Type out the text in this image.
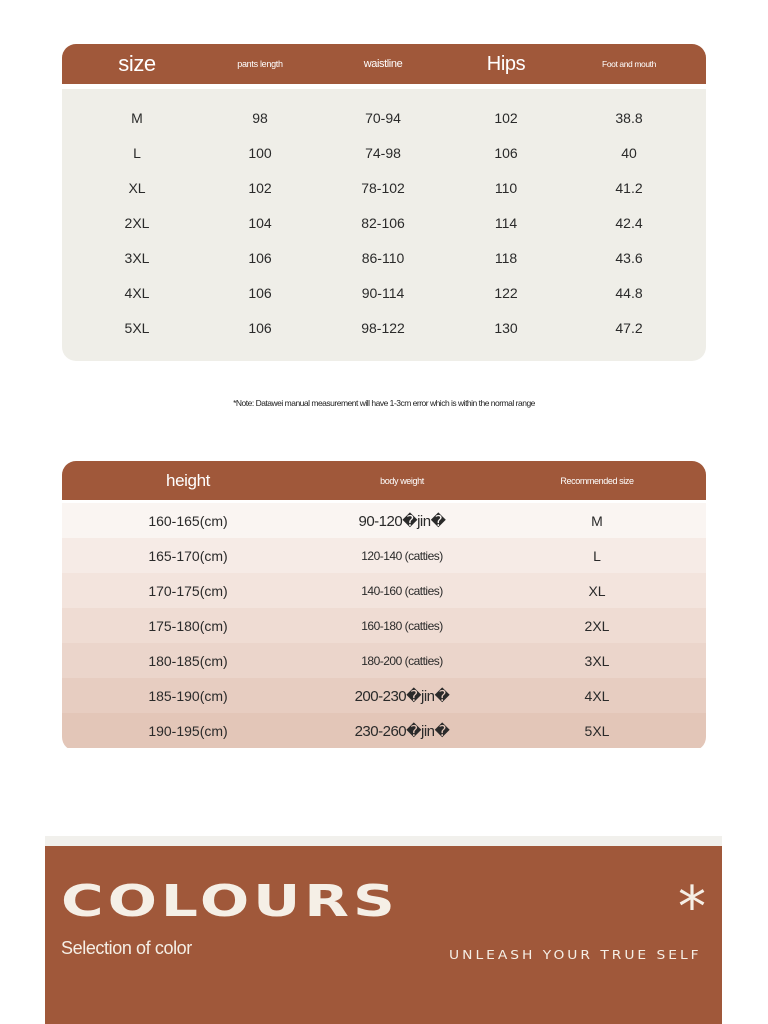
size	pants length	waistline	Hips	Foot and mouth
M	98	70-94	102	38.8
L	100	74-98	106	40
XL	102	78-102	110	41.2
2XL	104	82-106	114	42.4
3XL	106	86-110	118	43.6
4XL	106	90-114	122	44.8
5XL	106	98-122	130	47.2
*Note: Datawei manual measurement will have 1-3cm error which is within the normal range
height	body weight	Recommended size
160-165(cm)	90-120�jin�	M
165-170(cm)	120-140 (catties)	L
170-175(cm)	140-160 (catties)	XL
175-180(cm)	160-180 (catties)	2XL
180-185(cm)	180-200 (catties)	3XL
185-190(cm)	200-230�jin�	4XL
190-195(cm)	230-260�jin�	5XL
COLOURS
Selection of color
*
UNLEASH YOUR TRUE SELF
